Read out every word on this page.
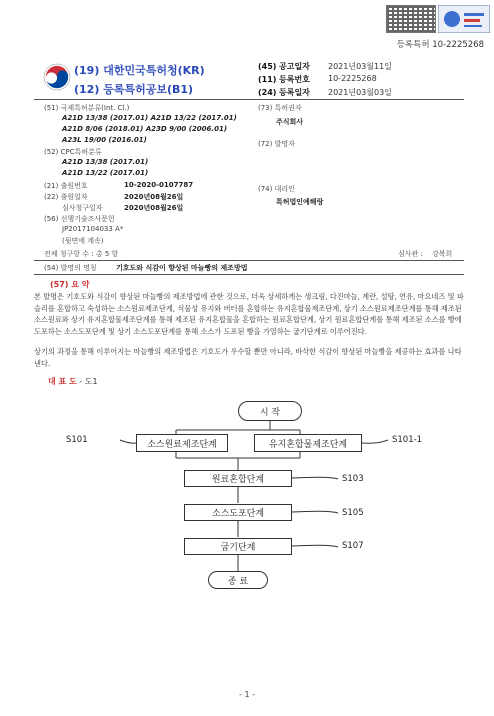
등록특허 10-2225268
(19) 대한민국특허청(KR)
(12) 등록특허공보(B1)
(45) 공고일자 2021년03월11일
(11) 등록번호 10-2225268
(24) 등록일자 2021년03월03일
(51) 국제특허분류(Int. Cl.)
A21D 13/38 (2017.01) A21D 13/22 (2017.01)
A21D 8/06 (2018.01) A23D 9/00 (2006.01)
A23L 19/00 (2016.01)
(52) CPC특허분류
A21D 13/38 (2017.01)
A21D 13/22 (2017.01)
(21) 출원번호	10-2020-0107787
(22) 출원일자	2020년08월26일
심사청구일자	2020년08월26일
(56) 선행기술조사문헌
JP2017104033 A*
(뒷면에 계속)
전체 청구항 수 : 총 5 항	심사관 : 강복희
(73) 특허권자
주식회사
(72) 발명자
(74) 대리인
특허법인예해랑
(54) 발명의 명칭	기호도와 식감이 향상된 마늘빵의 제조방법
(57) 요 약
본 발명은 기호도와 식감이 향상된 마늘빵의 제조방법에 관한 것으로, 더욱 상세하게는 생크림, 다진마늘, 계란, 설탕, 연유, 마요네즈 및 파슬리를 혼합하고 숙성하는 소스원료제조단계, 식물성 유지와 버터를 혼합하는 유지혼합물제조단계, 상기 소스원료제조단계를 통해 제조된 소스원료와 상기 유지혼합물제조단계를 통해 제조된 유지혼합물을 혼합하는 원료혼합단계, 상기 원료혼합단계를 통해 제조된 소스를 빵에 도포하는 소스도포단계 및 상기 소스도포단계를 통해 소스가 도포된 빵을 가열하는 굽기단계로 이루어진다.
상기의 과정을 통해 이루어지는 마늘빵의 제조방법은 기호도가 우수할 뿐만 아니라, 바삭한 식감이 향상된 마늘빵을 제공하는 효과를 나타낸다.
대 표 도 - 도1
시 작
소스원료제조단계	유지혼합물제조단계
원료혼합단계
소스도포단계
굽기단계
종 료
S101	S101-1
S103
S105
S107
- 1 -
